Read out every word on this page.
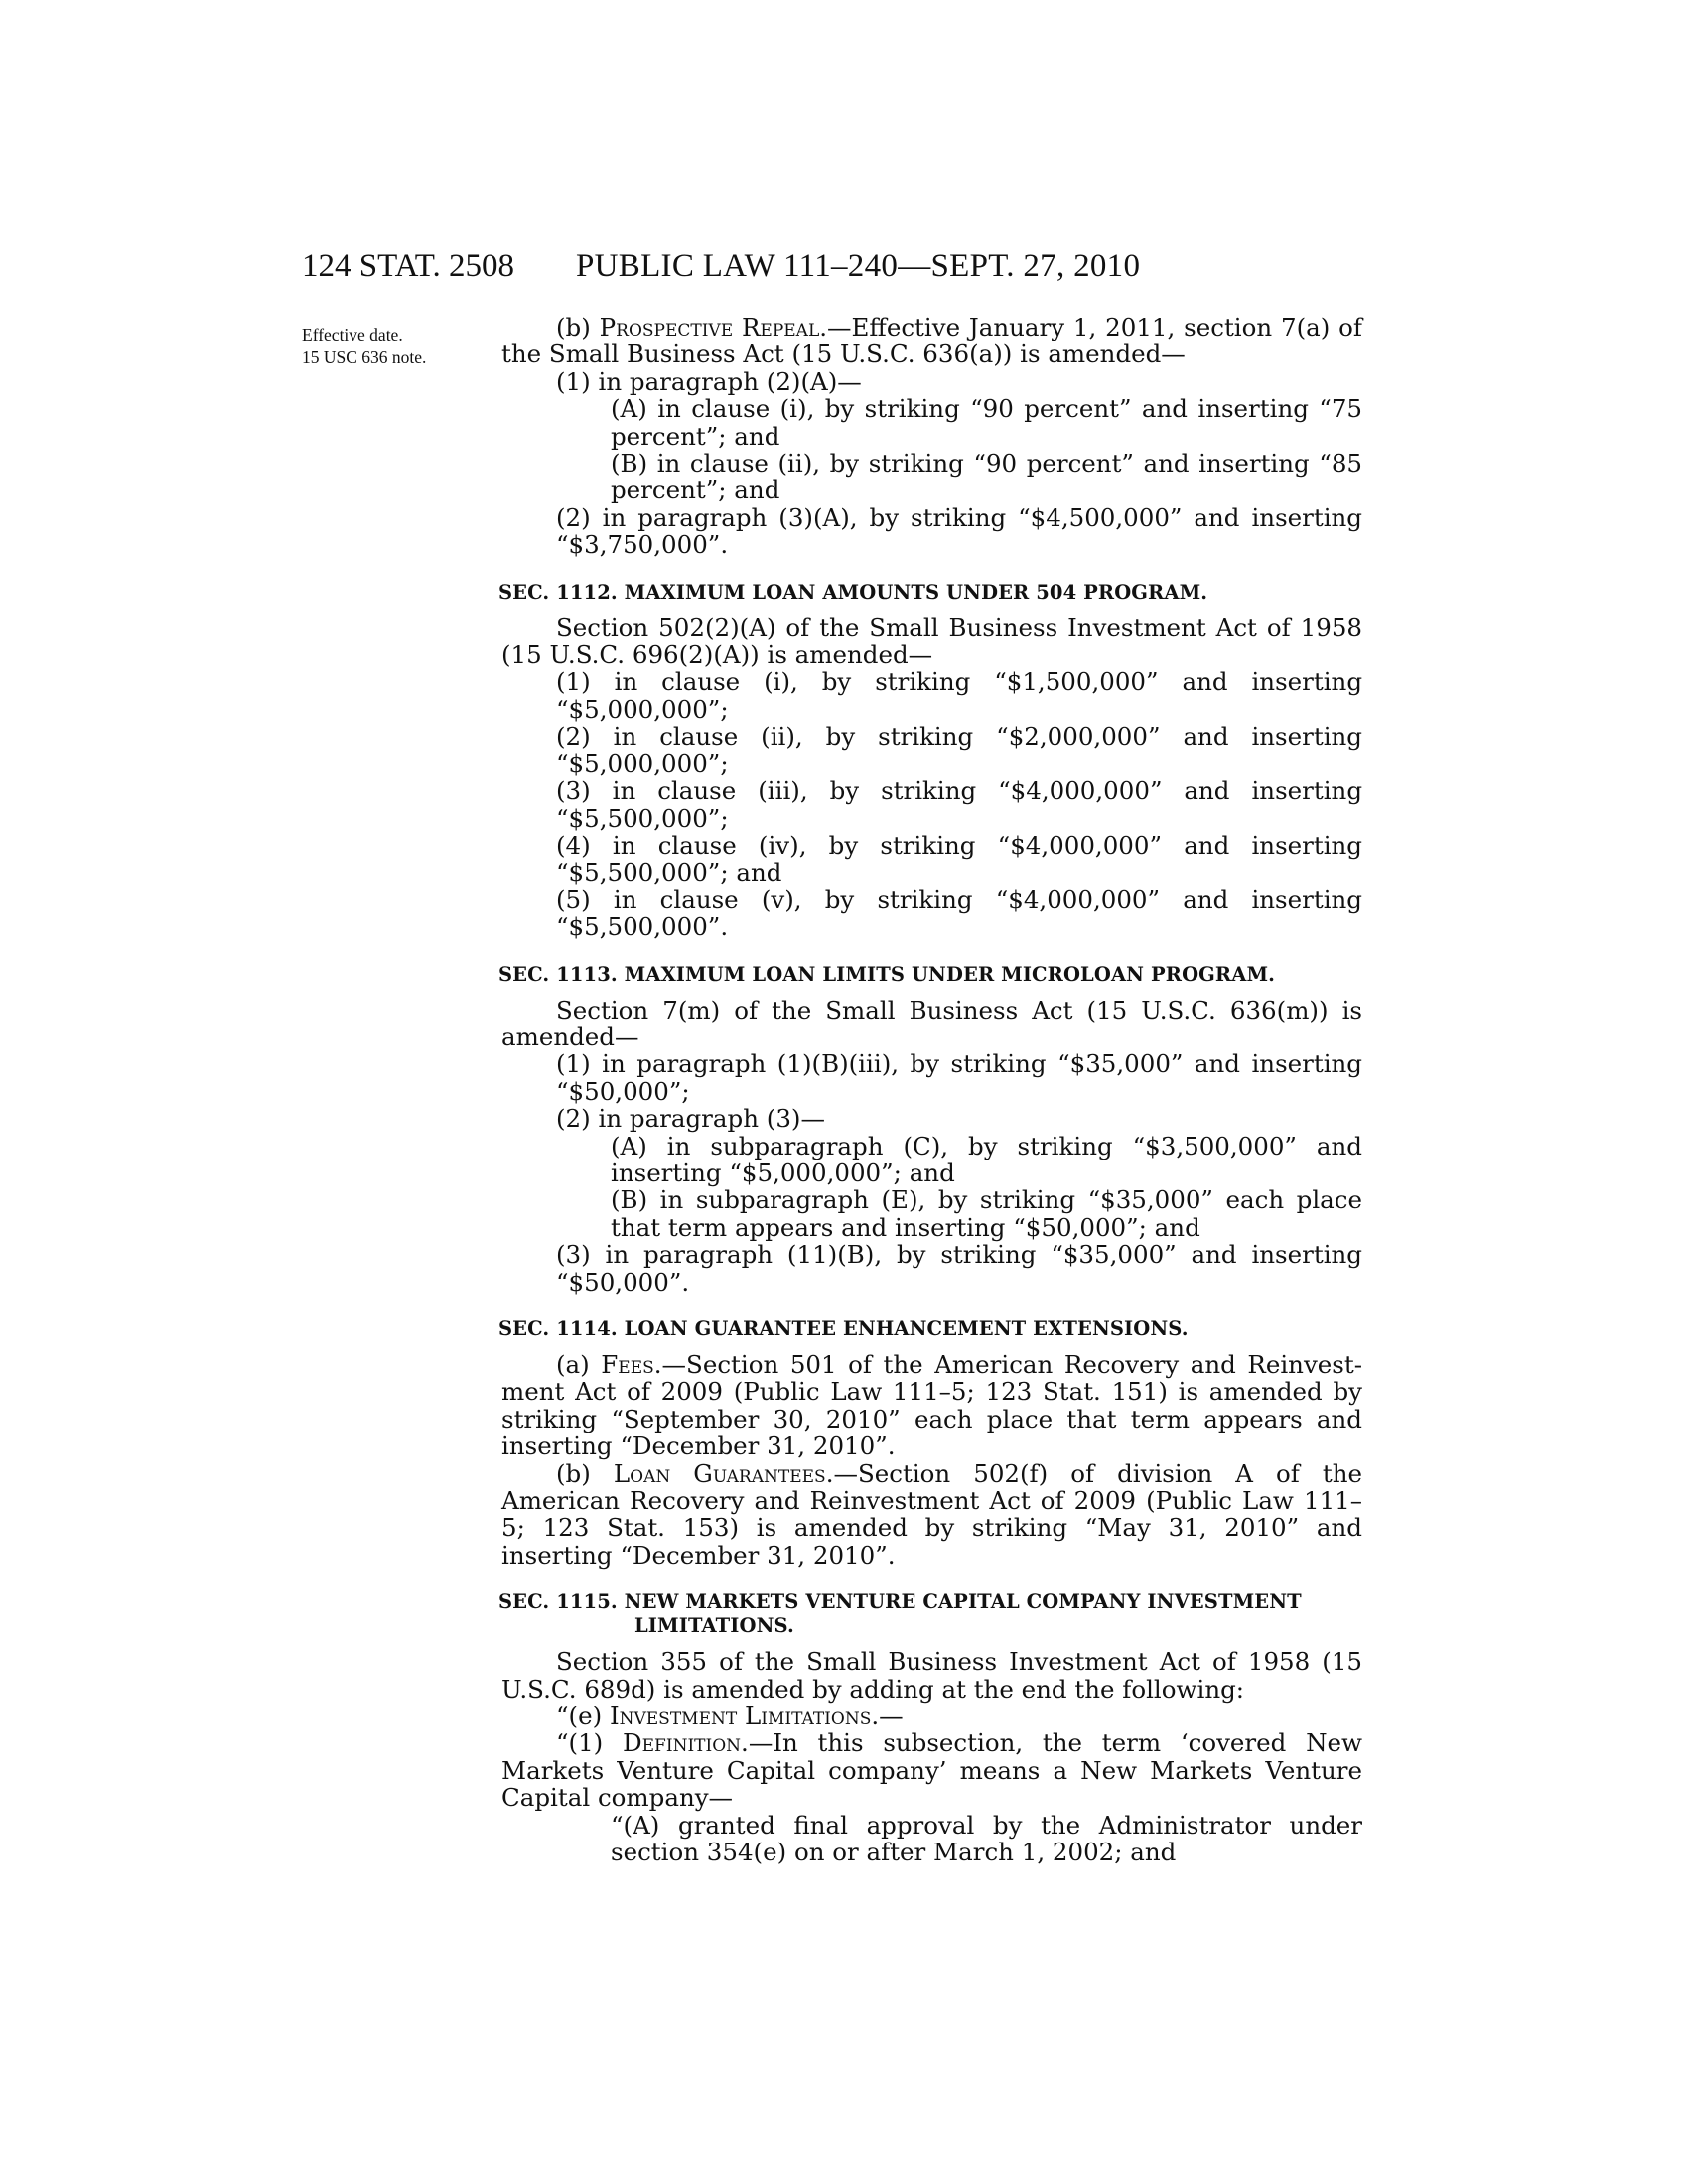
124 STAT. 2508	PUBLIC LAW 111–240—SEPT. 27, 2010
Effective date.
15 USC 636 note.

(b) Prospective Repeal.—Effective January 1, 2011, section 7(a) of the Small Business Act (15 U.S.C. 636(a)) is amended—

(1) in paragraph (2)(A)—

(A) in clause (i), by striking “90 percent” and inserting “75 percent”; and

(B) in clause (ii), by striking “90 percent” and inserting “85 percent”; and

(2) in paragraph (3)(A), by striking “$4,500,000” and inserting “$3,750,000”.

SEC. 1112. MAXIMUM LOAN AMOUNTS UNDER 504 PROGRAM.

Section 502(2)(A) of the Small Business Investment Act of 1958 (15 U.S.C. 696(2)(A)) is amended—

(1) in clause (i), by striking “$1,500,000” and inserting “$5,000,000”;

(2) in clause (ii), by striking “$2,000,000” and inserting “$5,000,000”;

(3) in clause (iii), by striking “$4,000,000” and inserting “$5,500,000”;

(4) in clause (iv), by striking “$4,000,000” and inserting “$5,500,000”; and

(5) in clause (v), by striking “$4,000,000” and inserting “$5,500,000”.

SEC. 1113. MAXIMUM LOAN LIMITS UNDER MICROLOAN PROGRAM.

Section 7(m) of the Small Business Act (15 U.S.C. 636(m)) is amended—

(1) in paragraph (1)(B)(iii), by striking “$35,000” and inserting “$50,000”;

(2) in paragraph (3)—

(A) in subparagraph (C), by striking “$3,500,000” and inserting “$5,000,000”; and

(B) in subparagraph (E), by striking “$35,000” each place that term appears and inserting “$50,000”; and

(3) in paragraph (11)(B), by striking “$35,000” and inserting “$50,000”.

SEC. 1114. LOAN GUARANTEE ENHANCEMENT EXTENSIONS.

(a) Fees.—Section 501 of the American Recovery and Reinvestment Act of 2009 (Public Law 111–5; 123 Stat. 151) is amended by striking “September 30, 2010” each place that term appears and inserting “December 31, 2010”.

(b) Loan Guarantees.—Section 502(f) of division A of the American Recovery and Reinvestment Act of 2009 (Public Law 111–5; 123 Stat. 153) is amended by striking “May 31, 2010” and inserting “December 31, 2010”.

SEC. 1115. NEW MARKETS VENTURE CAPITAL COMPANY INVESTMENT
LIMITATIONS.

Section 355 of the Small Business Investment Act of 1958 (15 U.S.C. 689d) is amended by adding at the end the following:

“(e) Investment Limitations.—

“(1) Definition.—In this subsection, the term ‘covered New Markets Venture Capital company’ means a New Markets Venture Capital company—

“(A) granted final approval by the Administrator under section 354(e) on or after March 1, 2002; and
